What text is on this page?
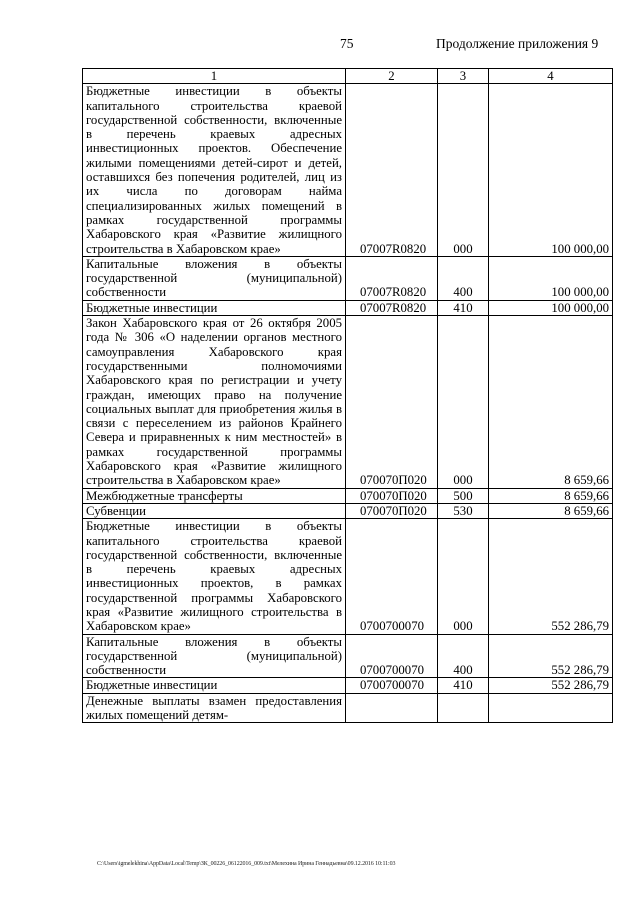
75	Продолжение приложения 9
1	2	3	4
Бюджетные инвестиции в объекты капитального строительства краевой государственной собственности, включенные в перечень краевых адресных инвестиционных проектов. Обеспечение жилыми помещениями детей-сирот и детей, оставшихся без попечения родителей, лиц из их числа по договорам найма специализированных жилых помещений в рамках государственной программы Хабаровского края «Развитие жилищного строительства в Хабаровском крае»	07007R0820	000	100 000,00
Капитальные вложения в объекты государственной (муниципальной) собственности	07007R0820	400	100 000,00
Бюджетные инвестиции	07007R0820	410	100 000,00
Закон Хабаровского края от 26 октября 2005 года № 306 «О наделении органов местного самоуправления Хабаровского края государственными полномочиями Хабаровского края по регистрации и учету граждан, имеющих право на получение социальных выплат для приобретения жилья в связи с переселением из районов Крайнего Севера и приравненных к ним местностей» в рамках государственной программы Хабаровского края «Развитие жилищного строительства в Хабаровском крае»	070070П020	000	8 659,66
Межбюджетные трансферты	070070П020	500	8 659,66
Субвенции	070070П020	530	8 659,66
Бюджетные инвестиции в объекты капитального строительства краевой государственной собственности, включенные в перечень краевых адресных инвестиционных проектов, в рамках государственной программы Хабаровского края «Развитие жилищного строительства в Хабаровском крае»	0700700070	000	552 286,79
Капитальные вложения в объекты государственной (муниципальной) собственности	0700700070	400	552 286,79
Бюджетные инвестиции	0700700070	410	552 286,79
Денежные выплаты взамен предоставления жилых помещений детям-			
C:\Users\igmelekhina\AppData\Local\Temp\ЗК_00226_06122016_009.txt\Мелехина Ирина Геннадьевна\09.12.2016 10:11:03
